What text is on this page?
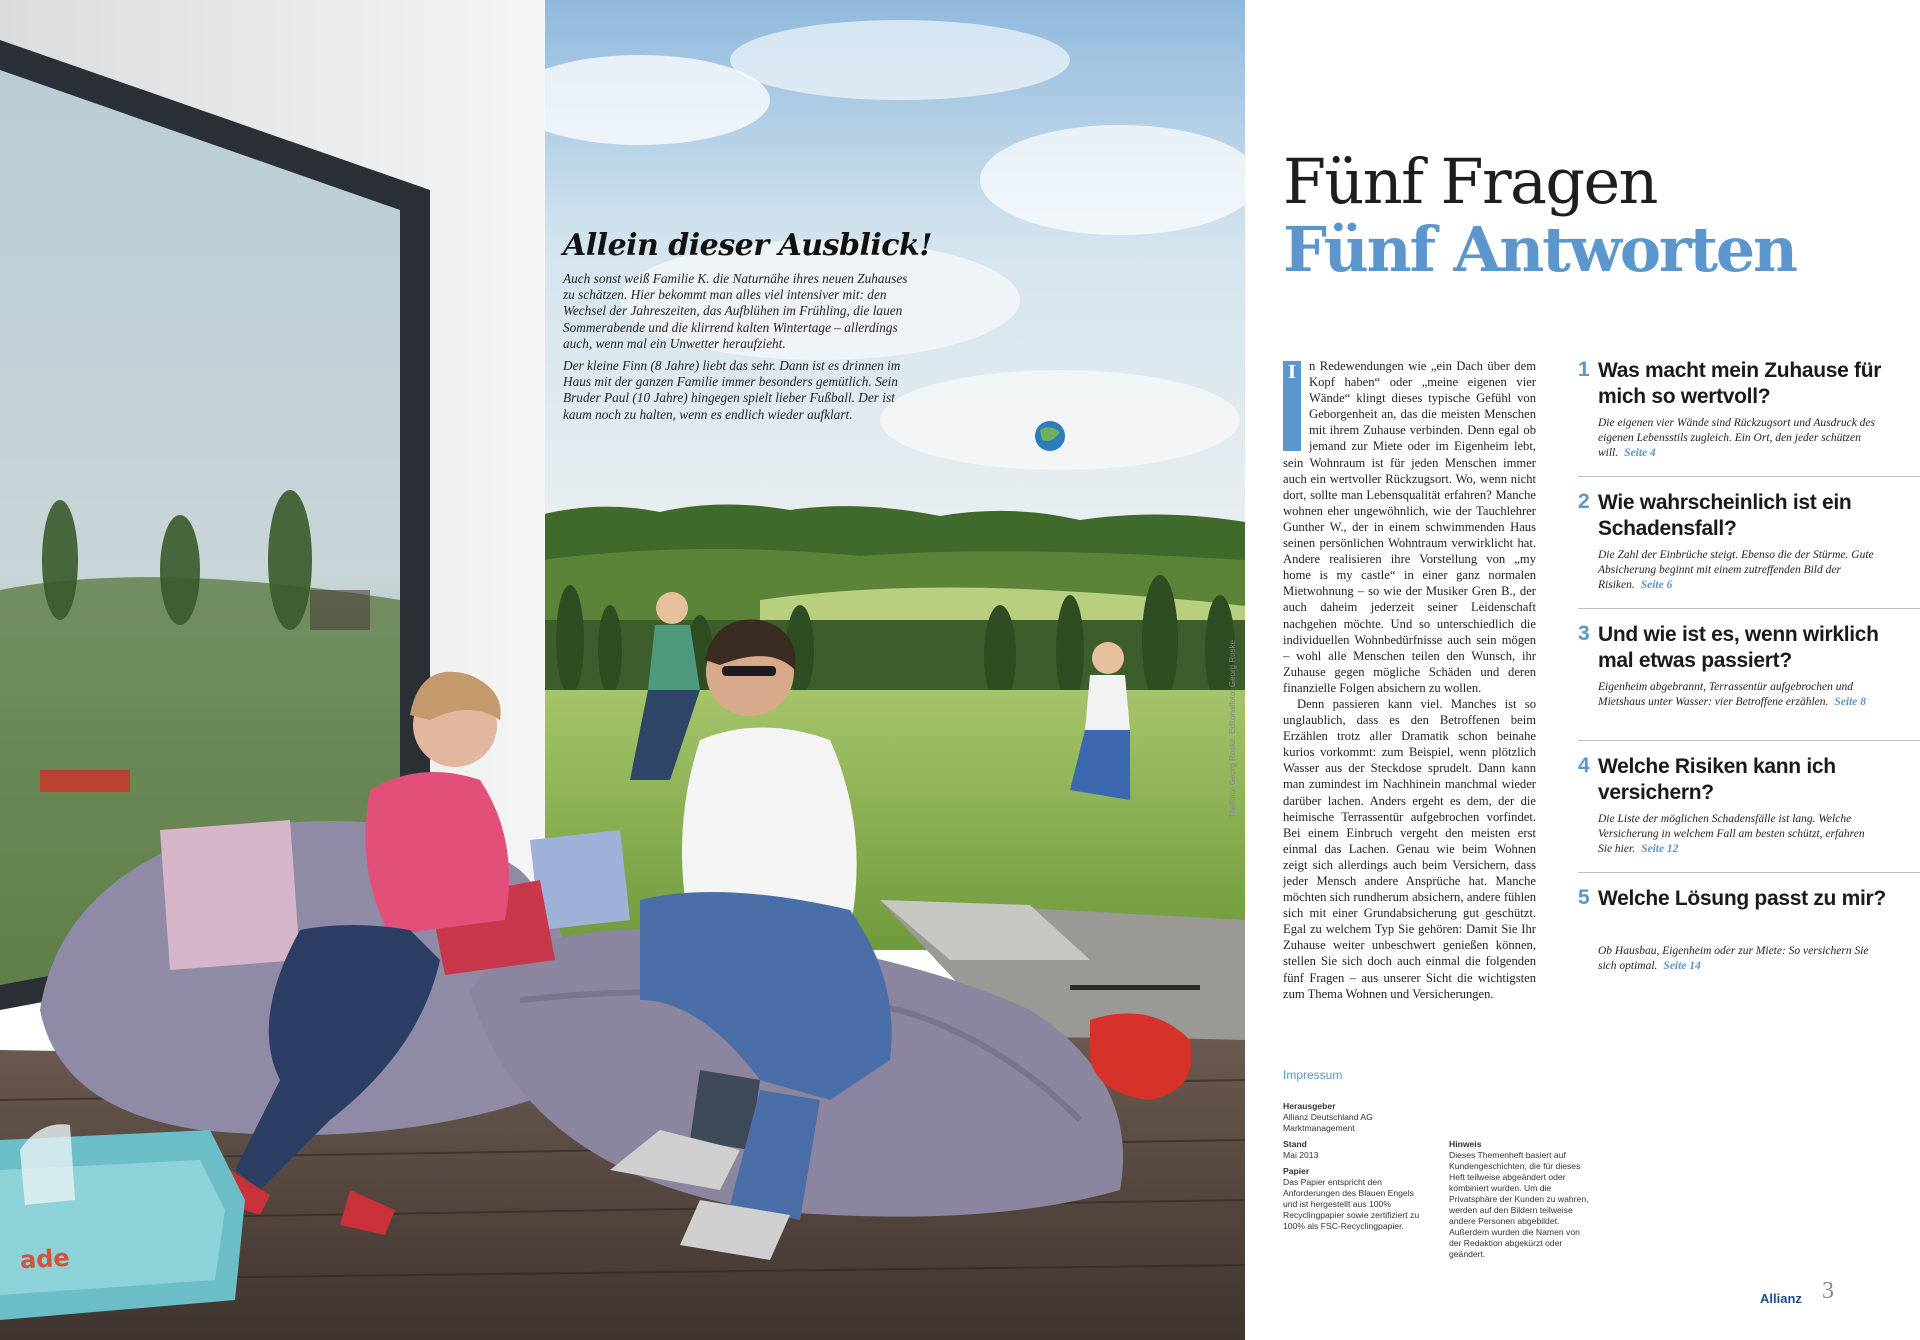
ade
Allein dieser Ausblick!

Auch sonst weiß Familie K. die Naturnähe ihres neuen Zuhauses zu schätzen. Hier bekommt man alles viel intensiver mit: den Wechsel der Jahreszeiten, das Aufblühen im Frühling, die lauen Sommerabende und die klirrend kalten Wintertage – allerdings auch, wenn mal ein Unwetter heraufzieht.

Der kleine Finn (8 Jahre) liebt das sehr. Dann ist es drinnen im Haus mit der ganzen Familie immer besonders gemütlich. Sein Bruder Paul (10 Jahre) hingegen spielt lieber Fußball. Der ist kaum noch zu halten, wenn es endlich wieder aufklart.

Titelfoto: Georg Roske; Editorialfoto: Georg Roske
Fünf Fragen
Fünf Antworten

I	n Redewendungen wie „ein Dach über dem Kopf haben“ oder „meine eigenen vier Wände“ klingt dieses typische Gefühl von Geborgenheit an, das die meisten Menschen mit ihrem Zuhause verbinden. Denn egal ob jemand zur Miete oder im Eigenheim lebt, sein Wohnraum ist für jeden Menschen immer auch ein wertvoller Rückzugsort. Wo, wenn nicht dort, sollte man Lebensqualität erfahren? Manche wohnen eher ungewöhnlich, wie der Tauchlehrer Gunther W., der in einem schwimmenden Haus seinen persönlichen Wohntraum verwirklicht hat. Andere realisieren ihre Vorstellung von „my home is my castle“ in einer ganz normalen Mietwohnung – so wie der Musiker Gren B., der auch daheim jederzeit seiner Leidenschaft nachgehen möchte. Und so unterschiedlich die individuellen Wohnbedürfnisse auch sein mögen – wohl alle Menschen teilen den Wunsch, ihr Zuhause gegen mögliche Schäden und deren finanzielle Folgen absichern zu wollen.

Denn passieren kann viel. Manches ist so unglaublich, dass es den Betroffenen beim Erzählen trotz aller Dramatik schon beinahe kurios vorkommt: zum Beispiel, wenn plötzlich Wasser aus der Steckdose sprudelt. Dann kann man zumindest im Nachhinein manchmal wieder darüber lachen. Anders ergeht es dem, der die heimische Terrassentür aufgebrochen vorfindet. Bei einem Einbruch vergeht den meisten erst einmal das Lachen. Genau wie beim Wohnen zeigt sich allerdings auch beim Versichern, dass jeder Mensch andere Ansprüche hat. Manche möchten sich rundherum absichern, andere fühlen sich mit einer Grundabsicherung gut geschützt. Egal zu welchem Typ Sie gehören: Damit Sie Ihr Zuhause weiter unbeschwert genießen können, stellen Sie sich doch auch einmal die folgenden fünf Fragen – aus unserer Sicht die wichtigsten zum Thema Wohnen und Versicherungen.

1 Was macht mein Zuhause für mich so wertvoll?
Die eigenen vier Wände sind Rückzugsort und Ausdruck des eigenen Lebensstils zugleich. Ein Ort, den jeder schützen will. Seite 4
2 Wie wahrscheinlich ist ein Schadensfall?
Die Zahl der Einbrüche steigt. Ebenso die der Stürme. Gute Absicherung beginnt mit einem zutreffenden Bild der Risiken. Seite 6
3 Und wie ist es, wenn wirklich mal etwas passiert?
Eigenheim abgebrannt, Terrassentür aufgebrochen und Mietshaus unter Wasser: vier Betroffene erzählen. Seite 8
4 Welche Risiken kann ich versichern?
Die Liste der möglichen Schadensfälle ist lang. Welche Versicherung in welchem Fall am besten schützt, erfahren Sie hier. Seite 12
5 Welche Lösung passt zu mir?
Ob Hausbau, Eigenheim oder zur Miete: So versichern Sie sich optimal. Seite 14
Impressum
Herausgeber
Allianz Deutschland AG Marktmanagement
Stand
Mai 2013
Papier
Das Papier entspricht den Anforderungen des Blauen Engels und ist hergestellt aus 100% Recyclingpapier sowie zertifiziert zu 100% als FSC-Recyclingpapier.
Hinweis
Dieses Themenheft basiert auf Kundengeschichten, die für dieses Heft teilweise abgeändert oder kombiniert wurden. Um die Privatsphäre der Kunden zu wahren, werden auf den Bildern teilweise andere Personen abgebildet. Außerdem wurden die Namen von der Redaktion abgekürzt oder geändert.
Allianz 3
